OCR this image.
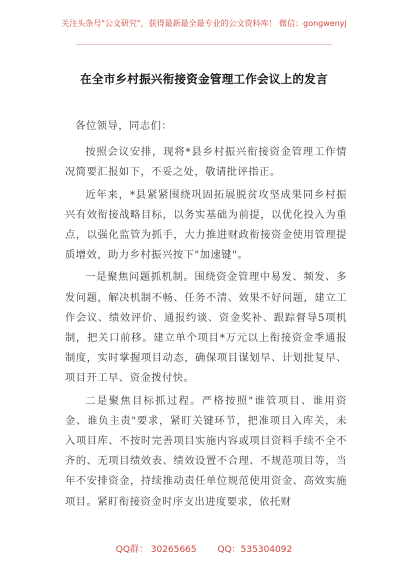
关注头条号"公文研究"，获得最新最全最专业的公文资料库！ 微信：gongwenyj
在全市乡村振兴衔接资金管理工作会议上的发言

各位领导，同志们：

按照会议安排，现将*县乡村振兴衔接资金管理工作情况简要汇报如下，不妥之处，敬请批评指正。

近年来，*县紧紧围绕巩固拓展脱贫攻坚成果同乡村振兴有效衔接战略目标，以务实基础为前提，以优化投入为重点，以强化监管为抓手，大力推进财政衔接资金使用管理提质增效，助力乡村振兴按下"加速键"。

一是聚焦问题抓机制。围绕资金管理中易发、频发、多发问题，解决机制不畅、任务不清、效果不好问题，建立工作会议、绩效评价、通报约谈、资金奖补、跟踪督导5项机制，把关口前移。建立单个项目*万元以上衔接资金季通报制度，实时掌握项目动态，确保项目谋划早、计划批复早、项目开工早、资金拨付快。

二是聚焦目标抓过程。严格按照"谁管项目、谁用资金、谁负主责"要求，紧盯关键环节，把准项目入库关，未入项目库、不按时完善项目实施内容或项目资料手续不全不齐的、无项目绩效表、绩效设置不合理、不规范项目等，当年不安排资金，持续推动责任单位规范使用资金、高效实施项目。紧盯衔接资金时序支出进度要求，依托财

QQ群： 30265665 QQ：535304092
